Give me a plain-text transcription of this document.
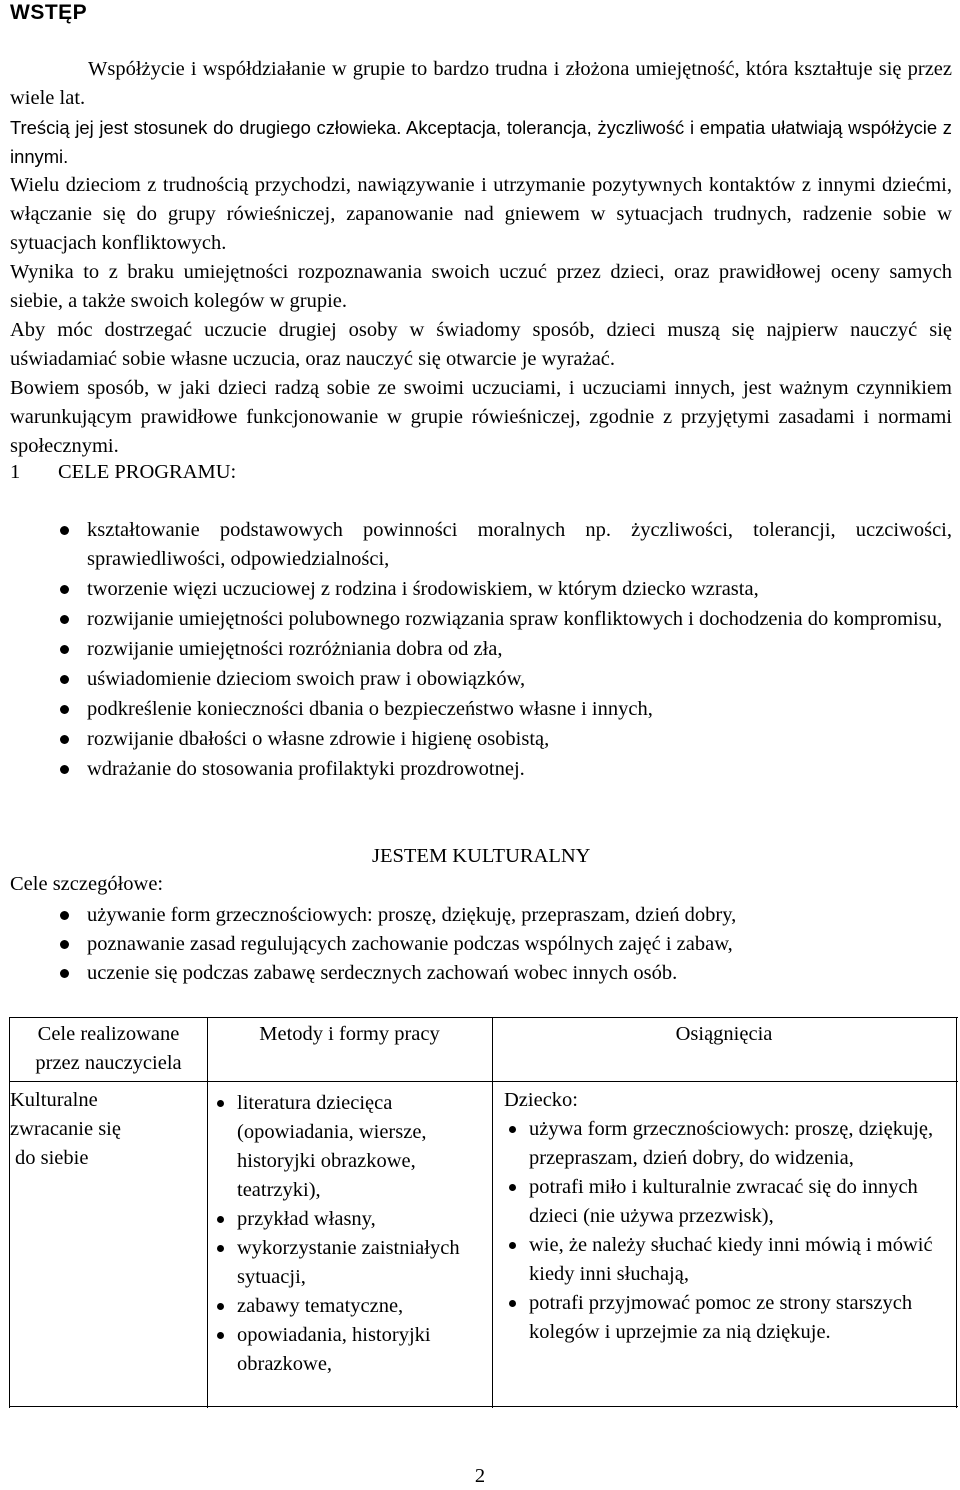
WSTĘP

Współżycie i współdziałanie w grupie to bardzo trudna i złożona umiejętność, która kształtuje się przez wiele lat.

Treścią jej jest stosunek do drugiego człowieka. Akceptacja, tolerancja, życzliwość i empatia ułatwiają współżycie z innymi.

Wielu dzieciom z trudnością przychodzi, nawiązywanie i utrzymanie pozytywnych kontaktów z innymi dziećmi, włączanie się do grupy rówieśniczej, zapanowanie nad gniewem w sytuacjach trudnych, radzenie sobie w sytuacjach konfliktowych.

Wynika to z braku umiejętności rozpoznawania swoich uczuć przez dzieci, oraz prawidłowej oceny samych siebie, a także swoich kolegów w grupie.

Aby móc dostrzegać uczucie drugiej osoby w świadomy sposób, dzieci muszą się najpierw nauczyć się uświadamiać sobie własne uczucia, oraz nauczyć się otwarcie je wyrażać.

Bowiem sposób, w jaki dzieci radzą sobie ze swoimi uczuciami, i uczuciami innych, jest ważnym czynnikiem warunkującym prawidłowe funkcjonowanie w grupie rówieśniczej, zgodnie z przyjętymi zasadami i normami społecznymi.

1 CELE PROGRAMU:
kształtowanie podstawowych powinności moralnych np. życzliwości, tolerancji, uczciwości, sprawiedliwości, odpowiedzialności,
tworzenie więzi uczuciowej z rodzina i środowiskiem, w którym dziecko wzrasta,
rozwijanie umiejętności polubownego rozwiązania spraw konfliktowych i dochodzenia do kompromisu,
rozwijanie umiejętności rozróżniania dobra od zła,
uświadomienie dzieciom swoich praw i obowiązków,
podkreślenie konieczności dbania o bezpieczeństwo własne i innych,
rozwijanie dbałości o własne zdrowie i higienę osobistą,
wdrażanie do stosowania profilaktyki prozdrowotnej.
JESTEM KULTURALNY
Cele szczegółowe:
używanie form grzecznościowych: proszę, dziękuję, przepraszam, dzień dobry,
poznawanie zasad regulujących zachowanie podczas wspólnych zajęć i zabaw,
uczenie się podczas zabawę serdecznych zachowań wobec innych osób.
Cele realizowane
przez nauczyciela
Metody i formy pracy	Osiągnięcia
Kulturalne
zwracanie się
do siebie
literatura dziecięca (opowiadania, wiersze, historyjki obrazkowe, teatrzyki),
przykład własny,
wykorzystanie zaistniałych sytuacji,
zabawy tematyczne,
opowiadania, historyjki obrazkowe,
Dziecko:
używa form grzecznościowych: proszę, dziękuję, przepraszam, dzień dobry, do widzenia,
potrafi miło i kulturalnie zwracać się do innych dzieci (nie używa przezwisk),
wie, że należy słuchać kiedy inni mówią i mówić kiedy inni słuchają,
potrafi przyjmować pomoc ze strony starszych kolegów i uprzejmie za nią dziękuje.
2
